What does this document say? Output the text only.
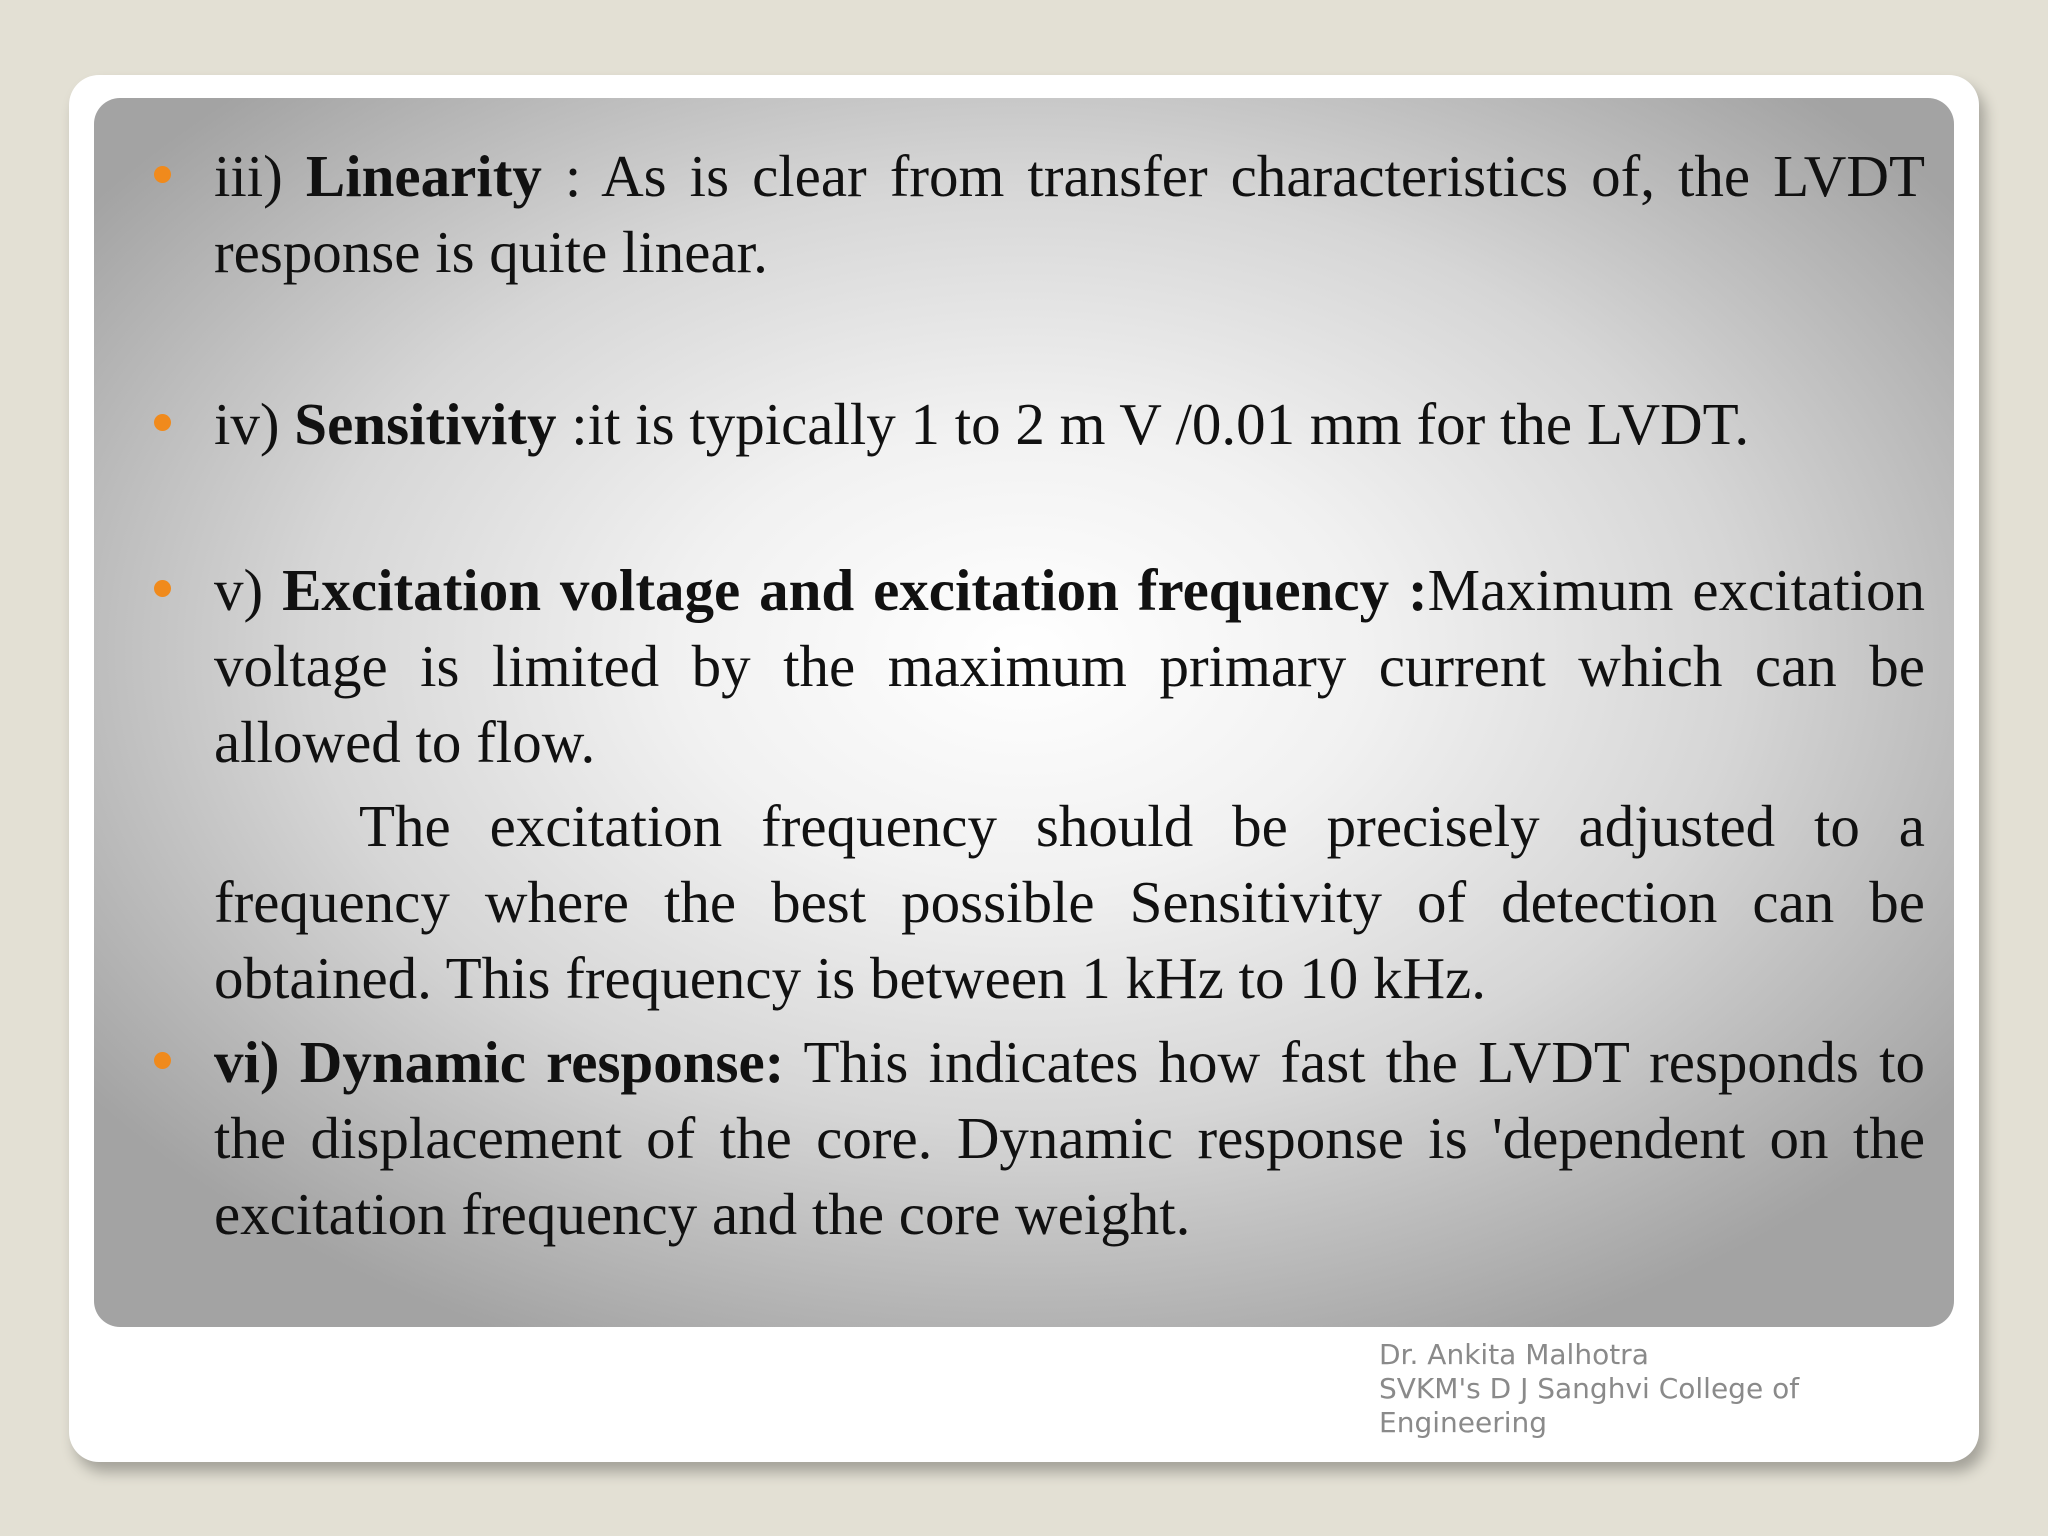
iii) Linearity : As is clear from transfer characteristics of, the LVDT response is quite linear.
iv) Sensitivity :it is typically 1 to 2 m V /0.01 mm for the LVDT.
v) Excitation voltage and excitation frequency :Maximum excitation voltage is limited by the maximum primary current which can be allowed to flow.
The excitation frequency should be precisely adjusted to a frequency where the best possible Sensitivity of detection can be obtained. This frequency is between 1 kHz to 10 kHz.
vi) Dynamic response: This indicates how fast the LVDT responds to the displacement of the core. Dynamic response is 'dependent on the excitation frequency and the core weight.
Dr. Ankita Malhotra
SVKM's D J Sanghvi College of
Engineering
